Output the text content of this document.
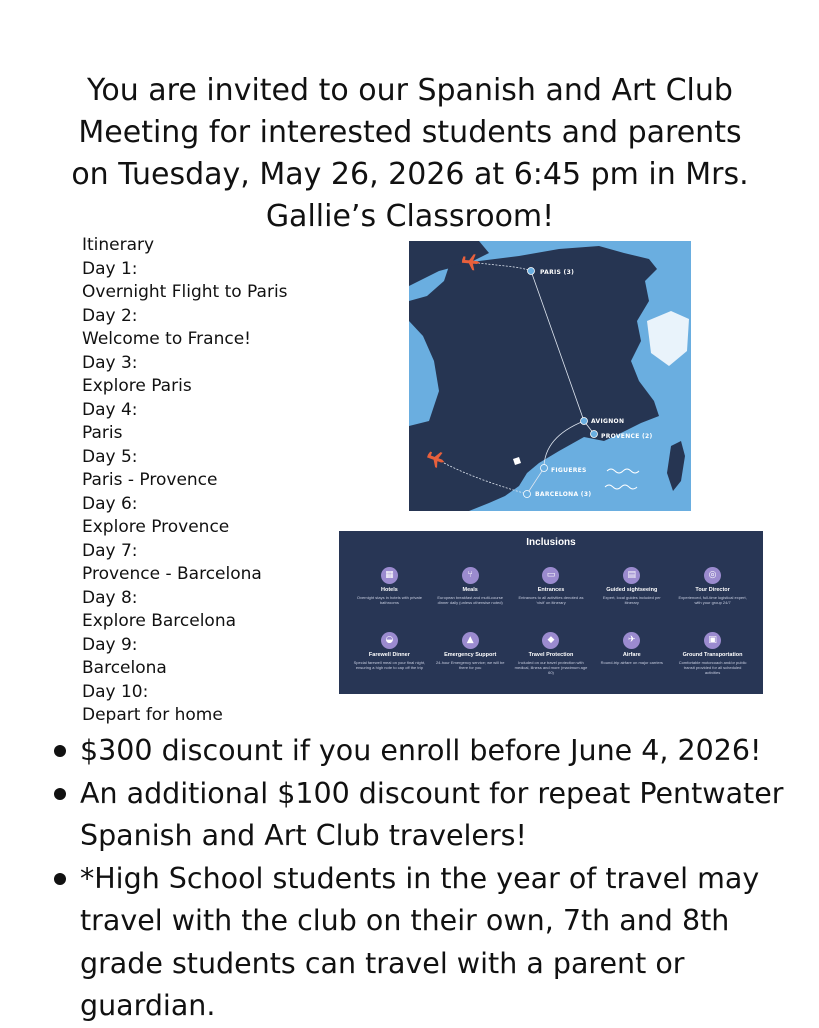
You are invited to our Spanish and Art Club
Meeting for interested students and parents
on Tuesday, May 26, 2026 at 6:45 pm in Mrs.
Gallie’s Classroom!
Itinerary
Day 1:
Overnight Flight to Paris
Day 2:
Welcome to France!
Day 3:
Explore Paris
Day 4:
Paris
Day 5:
Paris - Provence
Day 6:
Explore Provence
Day 7:
Provence - Barcelona
Day 8:
Explore Barcelona
Day 9:
Barcelona
Day 10:
Depart for home
PARIS (3)
AVIGNON
PROVENCE (2)
FIGUERES
BARCELONA (3)
Inclusions
▦
Hotels
Overnight stays in hotels with private bathrooms
⑂
Meals
European breakfast and multi-course dinner daily (unless otherwise noted)
▭
Entrances
Entrances to all activities denoted as ‘visit’ on itinerary
▤
Guided sightseeing
Expert, local guides included per itinerary
◎
Tour Director
Experienced, full-time logistical expert, with your group 24/7
◒
Farewell Dinner
Special farewell meal on your final night, ensuring a high note to cap off the trip
▲
Emergency Support
24-hour Emergency service; we will be there for you
◆
Travel Protection
Included on our travel protection with medical, illness and more (maximum age 60)
✈
Airfare
Round-trip airfare on major carriers
▣
Ground Transportation
Comfortable motorcoach and/or public transit provided for all scheduled activities
$300 discount if you enroll before June 4, 2026!
An additional $100 discount for repeat Pentwater Spanish and Art Club travelers!
*High School students in the year of travel may travel with the club on their own, 7th and 8th grade students can travel with a parent or guardian.
